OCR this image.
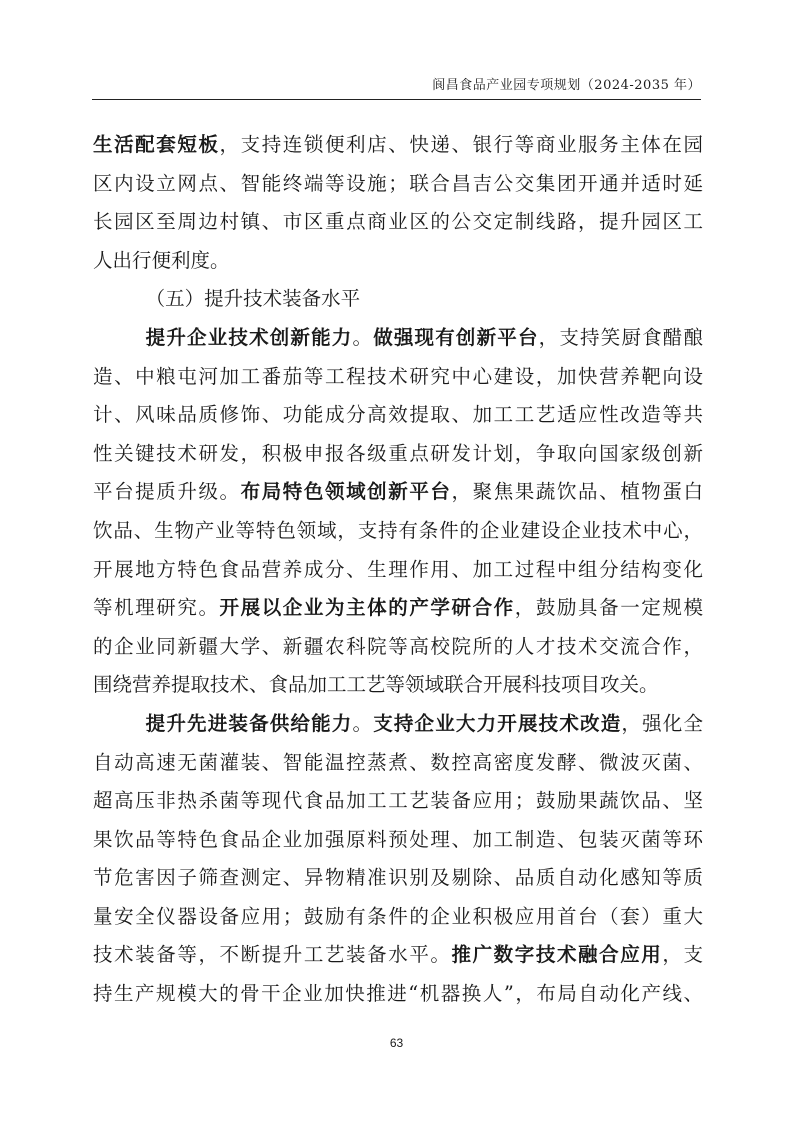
阆昌食品产业园专项规划（2024-2035 年）
生活配套短板，支持连锁便利店、快递、银行等商业服务主体在园
区内设立网点、智能终端等设施；联合昌吉公交集团开通并适时延
长园区至周边村镇、市区重点商业区的公交定制线路，提升园区工
人出行便利度。
（五）提升技术装备水平
提升企业技术创新能力。做强现有创新平台，支持笑厨食醋酿
造、中粮屯河加工番茄等工程技术研究中心建设，加快营养靶向设
计、风味品质修饰、功能成分高效提取、加工工艺适应性改造等共
性关键技术研发，积极申报各级重点研发计划，争取向国家级创新
平台提质升级。布局特色领域创新平台，聚焦果蔬饮品、植物蛋白
饮品、生物产业等特色领域，支持有条件的企业建设企业技术中心，
开展地方特色食品营养成分、生理作用、加工过程中组分结构变化
等机理研究。开展以企业为主体的产学研合作，鼓励具备一定规模
的企业同新疆大学、新疆农科院等高校院所的人才技术交流合作，
围绕营养提取技术、食品加工工艺等领域联合开展科技项目攻关。
提升先进装备供给能力。支持企业大力开展技术改造，强化全
自动高速无菌灌装、智能温控蒸煮、数控高密度发酵、微波灭菌、
超高压非热杀菌等现代食品加工工艺装备应用；鼓励果蔬饮品、坚
果饮品等特色食品企业加强原料预处理、加工制造、包装灭菌等环
节危害因子筛查测定、异物精准识别及剔除、品质自动化感知等质
量安全仪器设备应用；鼓励有条件的企业积极应用首台（套）重大
技术装备等，不断提升工艺装备水平。推广数字技术融合应用，支
持生产规模大的骨干企业加快推进“机器换人”，布局自动化产线、
63
